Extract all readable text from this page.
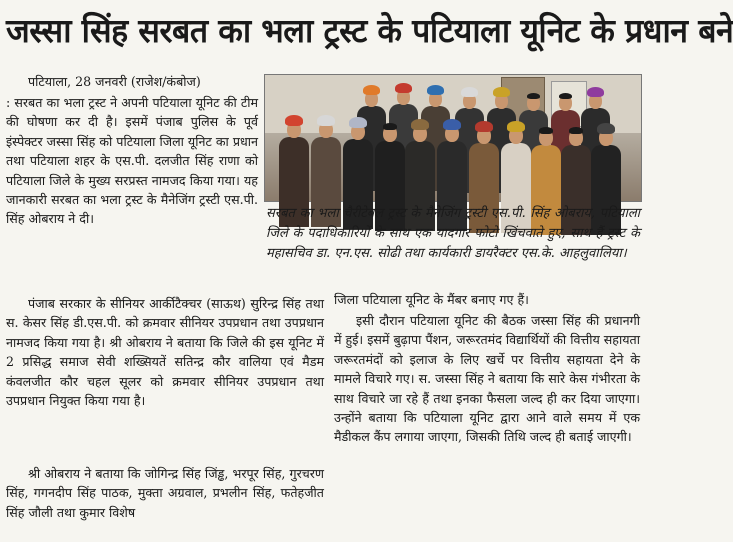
जस्सा सिंह सरबत का भला ट्रस्ट के पटियाला यूनिट के प्रधान बने
पटियाला, 28 जनवरी (राजेश/कंबोज)
: सरबत का भला ट्रस्ट ने अपनी पटियाला यूनिट की टीम की घोषणा कर दी है। इसमें पंजाब पुलिस के पूर्व इंस्पेक्टर जस्सा सिंह को पटियाला जिला यूनिट का प्रधान तथा पटियाला शहर के एस.पी. दलजीत सिंह राणा को पटियाला जिले के मुख्य सरप्रस्त नामजद किया गया। यह जानकारी सरबत का भला ट्रस्ट के मैनेजिंग ट्रस्टी एस.पी. सिंह ओबराय ने दी।	सरबत का भला चैरीटेबल ट्रस्ट के मैनेजिंग ट्रस्टी एस.पी. सिंह ओबराय, पटियाला जिले के पदाधिकारियों के साथ एक यादगार फोटो खिंचवाते हुए, साथ हैं ट्रस्ट के महासचिव डा. एन.एस. सोढी तथा कार्यकारी डायरैक्टर एस.के. आहलुवालिया।
पंजाब सरकार के सीनियर आर्कीटैक्चर (साऊथ) सुरिन्द्र सिंह तथा स. केसर सिंह डी.एस.पी. को क्रमवार सीनियर उपप्रधान तथा उपप्रधान नामजद किया गया है। श्री ओबराय ने बताया कि जिले की इस यूनिट में 2 प्रसिद्ध समाज सेवी शख्सियतें सतिन्द्र कौर वालिया एवं मैडम कंवलजीत कौर चहल सूलर को क्रमवार सीनियर उपप्रधान तथा उपप्रधान नियुक्त किया गया है।
श्री ओबराय ने बताया कि जोगिन्द्र सिंह जिंड्ढ, भरपूर सिंह, गुरचरण सिंह, गगनदीप सिंह पाठक, मुक्ता अग्रवाल, प्रभलीन सिंह, फतेहजीत सिंह जौली तथा कुमार विशेष
जिला पटियाला यूनिट के मैंबर बनाए गए हैं।
इसी दौरान पटियाला यूनिट की बैठक जस्सा सिंह की प्रधानगी में हुई। इसमें बुढ़ापा पैंशन, जरूरतमंद विद्यार्थियों की वित्तीय सहायता जरूरतमंदों को इलाज के लिए खर्चे पर वित्तीय सहायता देने के मामले विचारे गए। स. जस्सा सिंह ने बताया कि सारे केस गंभीरता के साथ विचारे जा रहे हैं तथा इनका फैसला जल्द ही कर दिया जाएगा। उन्होंने बताया कि पटियाला यूनिट द्वारा आने वाले समय में एक मैडीकल कैंप लगाया जाएगा, जिसकी तिथि जल्द ही बताई जाएगी।
